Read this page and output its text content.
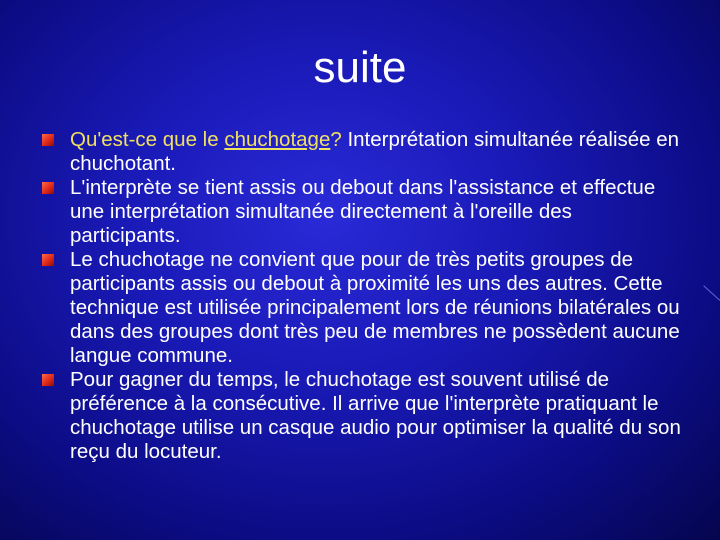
suite
Qu'est-ce que le chuchotage? Interprétation simultanée réalisée en chuchotant.
L'interprète se tient assis ou debout dans l'assistance et effectue une interprétation simultanée directement à l'oreille des participants.
Le chuchotage ne convient que pour de très petits groupes de participants assis ou debout à proximité les uns des autres. Cette technique est utilisée principalement lors de réunions bilatérales ou dans des groupes dont très peu de membres ne possèdent aucune langue commune.
Pour gagner du temps, le chuchotage est souvent utilisé de préférence à la consécutive. Il arrive que l'interprète pratiquant le chuchotage utilise un casque audio pour optimiser la qualité du son reçu du locuteur.
